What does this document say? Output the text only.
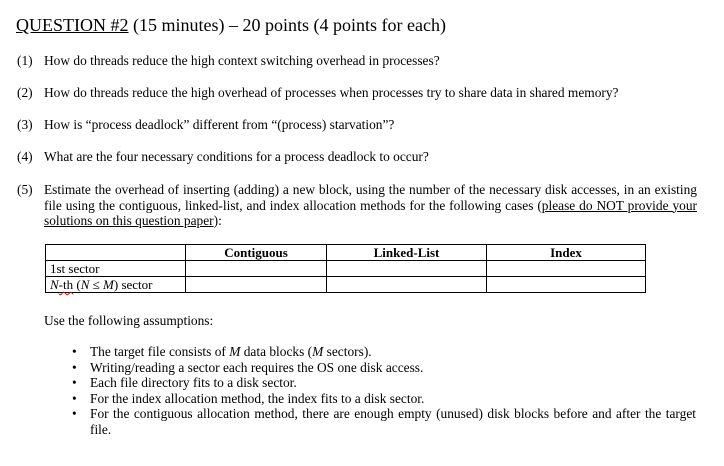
QUESTION #2 (15 minutes) – 20 points (4 points for each)
(1) How do threads reduce the high context switching overhead in processes?
(2) How do threads reduce the high overhead of processes when processes try to share data in shared memory?
(3) How is “process deadlock” different from “(process) starvation”?
(4) What are the four necessary conditions for a process deadlock to occur?
(5) Estimate the overhead of inserting (adding) a new block, using the number of the necessary disk accesses, in an existing file using the contiguous, linked-list, and index allocation methods for the following cases (please do NOT provide your solutions on this question paper):
	Contiguous	Linked-List	Index
1st sector			
N-th (N ≤ M) sector			
Use the following assumptions:
• The target file consists of M data blocks (M sectors).
• Writing/reading a sector each requires the OS one disk access.
• Each file directory fits to a disk sector.
• For the index allocation method, the index fits to a disk sector.
• For the contiguous allocation method, there are enough empty (unused) disk blocks before and after the target file.
